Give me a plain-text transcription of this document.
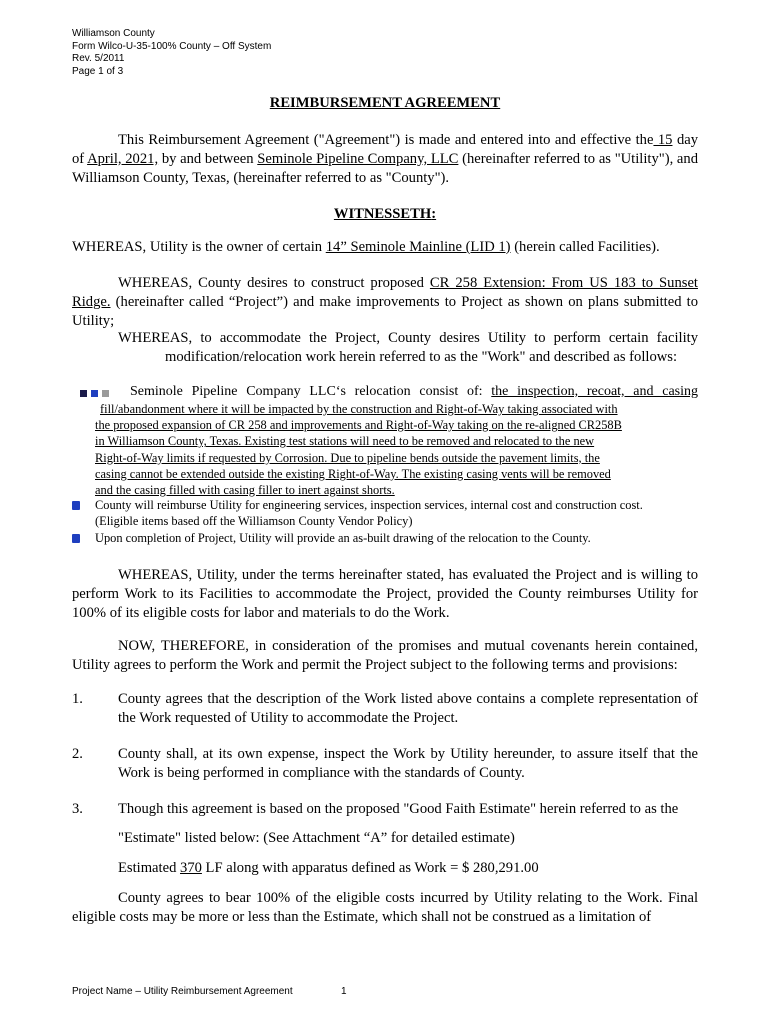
Williamson County
Form Wilco-U-35-100% County – Off System
Rev. 5/2011
Page 1 of 3
REIMBURSEMENT AGREEMENT
This Reimbursement Agreement ("Agreement") is made and entered into and effective the 15 day of April, 2021, by and between Seminole Pipeline Company, LLC (hereinafter referred to as "Utility"), and Williamson County, Texas, (hereinafter referred to as "County").
WITNESSETH:
WHEREAS, Utility is the owner of certain 14” Seminole Mainline (LID 1) (herein called Facilities).
WHEREAS, County desires to construct proposed CR 258 Extension: From US 183 to Sunset Ridge. (hereinafter called “Project”) and make improvements to Project as shown on plans submitted to Utility;
WHEREAS, to accommodate the Project, County desires Utility to perform certain facility
modification/relocation work herein referred to as the "Work" and described as follows:
Seminole Pipeline Company LLC‘s relocation consist of: the inspection, recoat, and casing
fill/abandonment where it will be impacted by the construction and Right-of-Way taking associated with
the proposed expansion of CR 258 and improvements and Right-of-Way taking on the re-aligned CR258B
in Williamson County, Texas. Existing test stations will need to be removed and relocated to the new
Right-of-Way limits if requested by Corrosion. Due to pipeline bends outside the pavement limits, the
casing cannot be extended outside the existing Right-of-Way. The existing casing vents will be removed
and the casing filled with casing filler to inert against shorts.
County will reimburse Utility for engineering services, inspection services, internal cost and construction cost. (Eligible items based off the Williamson County Vendor Policy)
Upon completion of Project, Utility will provide an as-built drawing of the relocation to the County.
WHEREAS, Utility, under the terms hereinafter stated, has evaluated the Project and is willing to perform Work to its Facilities to accommodate the Project, provided the County reimburses Utility for 100% of its eligible costs for labor and materials to do the Work.
NOW, THEREFORE, in consideration of the promises and mutual covenants herein contained, Utility agrees to perform the Work and permit the Project subject to the following terms and provisions:
1. County agrees that the description of the Work listed above contains a complete representation of the Work requested of Utility to accommodate the Project.
2. County shall, at its own expense, inspect the Work by Utility hereunder, to assure itself that the Work is being performed in compliance with the standards of County.
3. Though this agreement is based on the proposed "Good Faith Estimate" herein referred to as the
"Estimate" listed below: (See Attachment “A” for detailed estimate)
Estimated 370 LF along with apparatus defined as Work = $ 280,291.00
County agrees to bear 100% of the eligible costs incurred by Utility relating to the Work. Final eligible costs may be more or less than the Estimate, which shall not be construed as a limitation of
Project Name – Utility Reimbursement Agreement	1
